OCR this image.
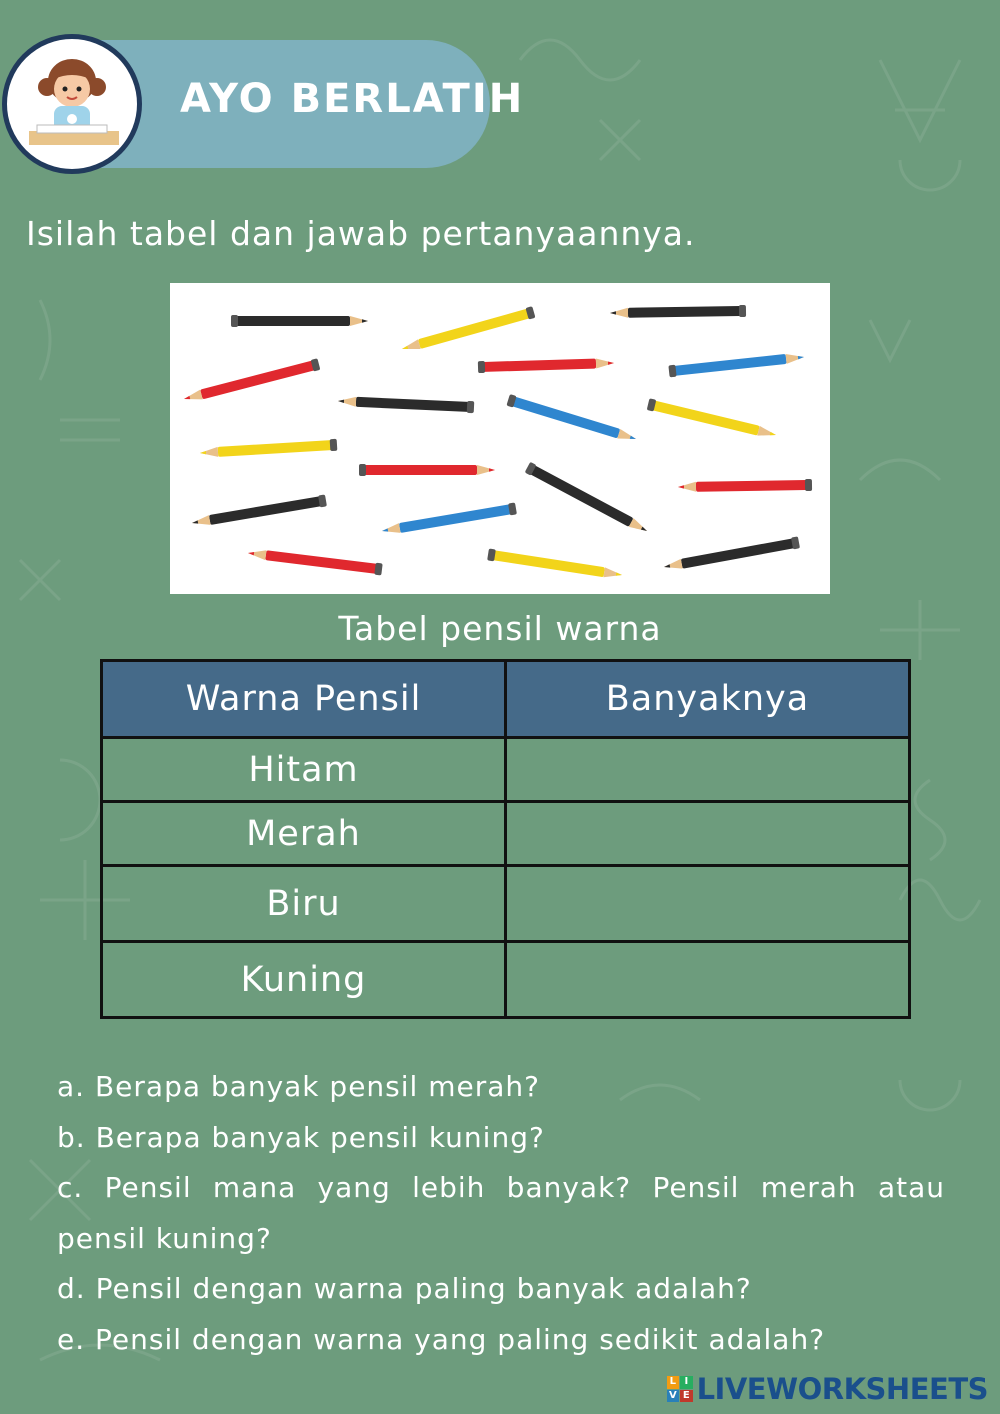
AYO BERLATIH
Isilah tabel dan jawab pertanyaannya.
Tabel pensil warna
Warna Pensil	Banyaknya
Hitam	
Merah	
Biru	
Kuning	

a. Berapa banyak pensil merah?

b. Berapa banyak pensil kuning?

c. Pensil mana yang lebih banyak? Pensil merah atau pensil kuning?

d. Pensil dengan warna paling banyak adalah?

e. Pensil dengan warna yang paling sedikit adalah?

L I
V E LIVEWORKSHEETS
